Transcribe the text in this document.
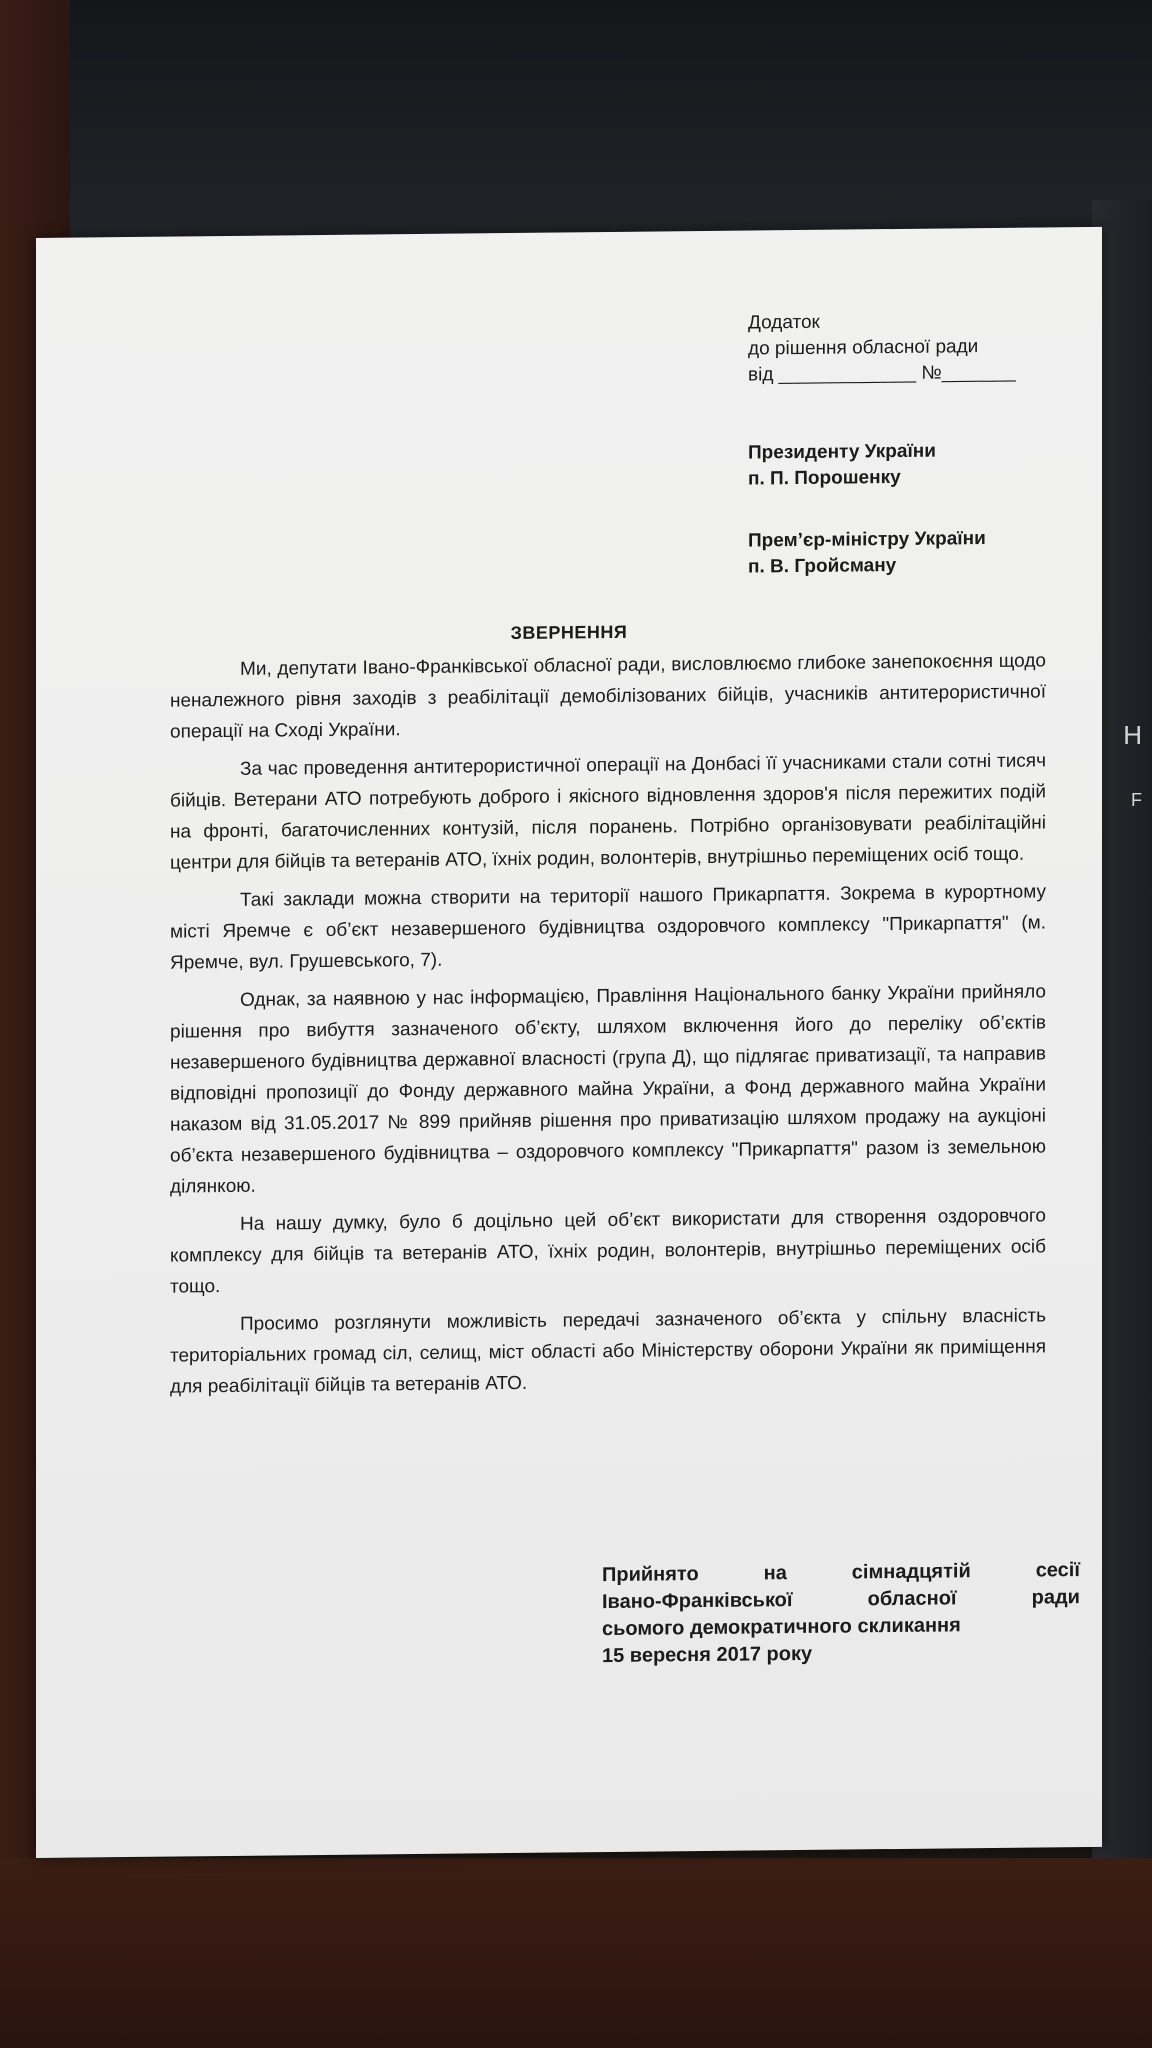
H
F
Додаток
до рішення обласної ради
від _____________ №_______
Президенту України
п. П. Порошенку
Прем’єр-міністру України
п. В. Гройсману
ЗВЕРНЕННЯ

Ми, депутати Івано-Франківської обласної ради, висловлюємо глибоке занепокоєння щодо неналежного рівня заходів з реабілітації демобілізованих бійців, учасників антитерористичної операції на Сході України.

За час проведення антитерористичної операції на Донбасі її учасниками стали сотні тисяч бійців. Ветерани АТО потребують доброго і якісного відновлення здоров'я після пережитих подій на фронті, багаточисленних контузій, після поранень. Потрібно організовувати реабілітаційні центри для бійців та ветеранів АТО, їхніх родин, волонтерів, внутрішньо переміщених осіб тощо.

Такі заклади можна створити на території нашого Прикарпаття. Зокрема в курортному місті Яремче є об’єкт незавершеного будівництва оздоровчого комплексу "Прикарпаття" (м. Яремче, вул. Грушевського, 7).

Однак, за наявною у нас інформацією, Правління Національного банку України прийняло рішення про вибуття зазначеного об’єкту, шляхом включення його до переліку об’єктів незавершеного будівництва державної власності (група Д), що підлягає приватизації, та направив відповідні пропозиції до Фонду державного майна України, а Фонд державного майна України наказом від 31.05.2017 № 899 прийняв рішення про приватизацію шляхом продажу на аукціоні об’єкта незавершеного будівництва – оздоровчого комплексу "Прикарпаття" разом із земельною ділянкою.

На нашу думку, було б доцільно цей об’єкт використати для створення оздоровчого комплексу для бійців та ветеранів АТО, їхніх родин, волонтерів, внутрішньо переміщених осіб тощо.

Просимо розглянути можливість передачі зазначеного об’єкта у спільну власність територіальних громад сіл, селищ, міст області або Міністерству оборони України як приміщення для реабілітації бійців та ветеранів АТО.

Прийнято	на	сімнадцятій	сесії
Івано-Франківської	обласної	ради
сьомого демократичного скликання
15 вересня 2017 року
